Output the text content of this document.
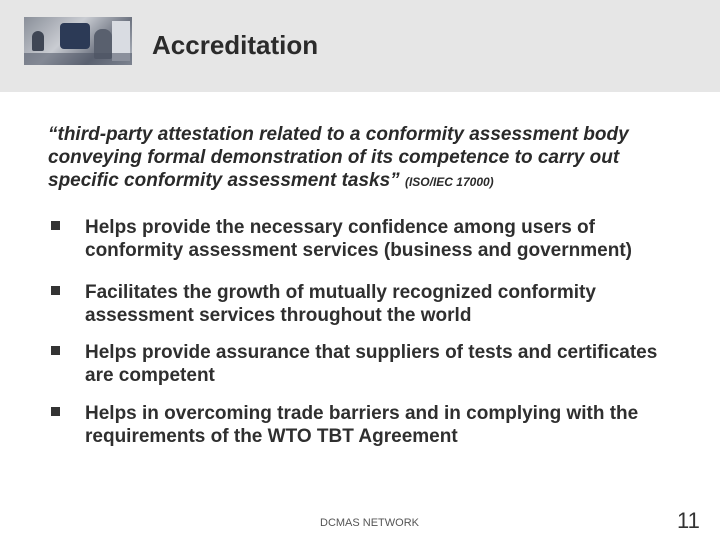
Accreditation
“third-party attestation related to a conformity assessment body conveying formal demonstration of its competence to carry out specific conformity assessment tasks” (ISO/IEC 17000)
Helps provide the necessary confidence among users of conformity assessment services (business and government)
Facilitates the growth of mutually recognized conformity assessment services throughout the world
Helps provide assurance that suppliers of tests and certificates are competent
Helps in overcoming trade barriers and in complying with the requirements of the WTO TBT Agreement
DCMAS NETWORK	11
